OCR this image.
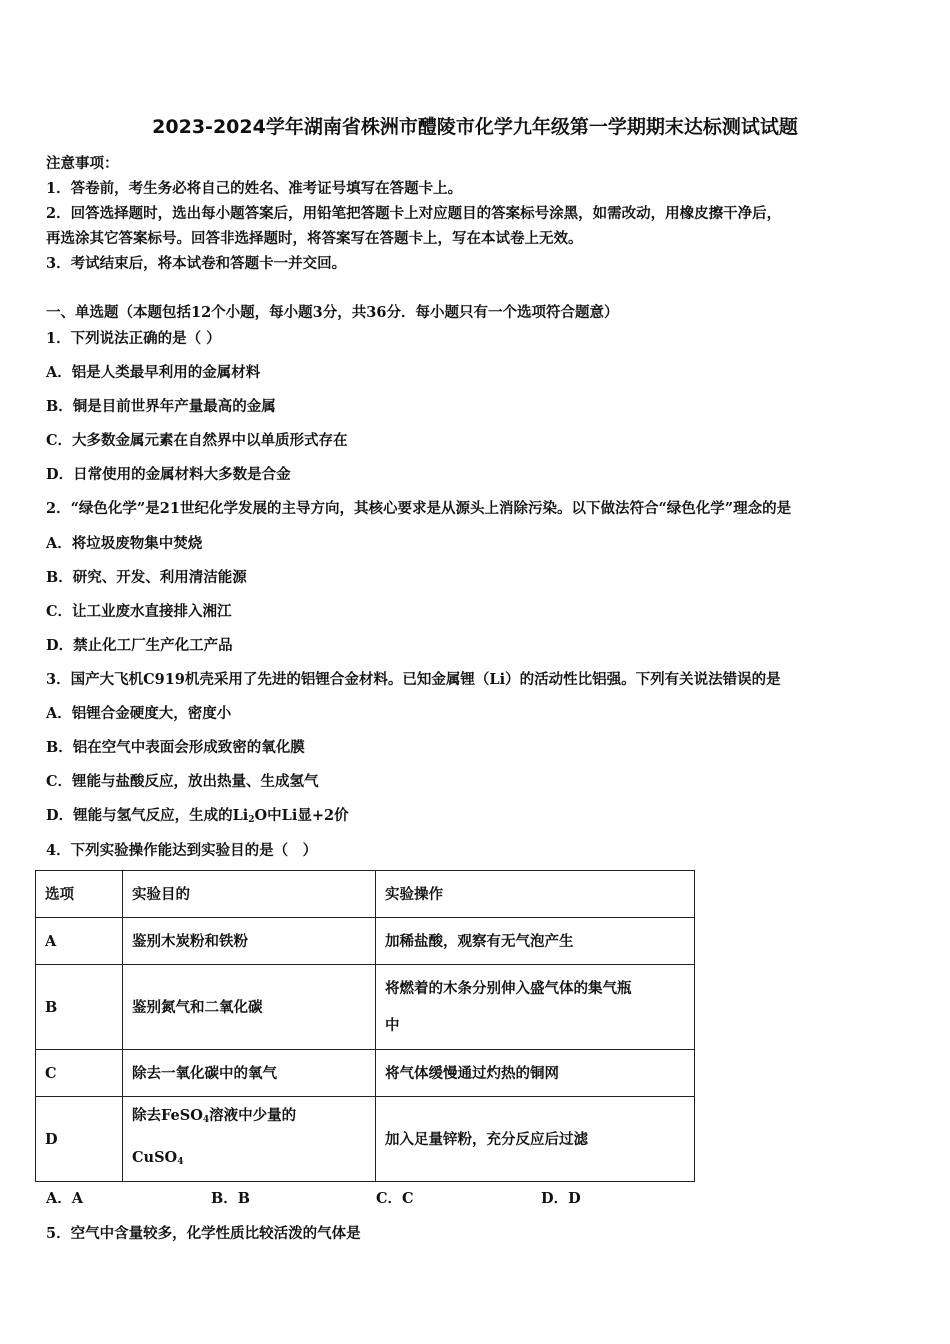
2023-2024学年湖南省株洲市醴陵市化学九年级第一学期期末达标测试试题
注意事项：
1．答卷前，考生务必将自己的姓名、准考证号填写在答题卡上。
2．回答选择题时，选出每小题答案后，用铅笔把答题卡上对应题目的答案标号涂黑，如需改动，用橡皮擦干净后，
再选涂其它答案标号。回答非选择题时，将答案写在答题卡上，写在本试卷上无效。
3．考试结束后，将本试卷和答题卡一并交回。
一、单选题（本题包括12个小题，每小题3分，共36分．每小题只有一个选项符合题意）
1．下列说法正确的是（ ）
A．铝是人类最早利用的金属材料
B．铜是目前世界年产量最高的金属
C．大多数金属元素在自然界中以单质形式存在
D．日常使用的金属材料大多数是合金
2．“绿色化学”是21世纪化学发展的主导方向，其核心要求是从源头上消除污染。以下做法符合“绿色化学”理念的是
A．将垃圾废物集中焚烧
B．研究、开发、利用清洁能源
C．让工业废水直接排入湘江
D．禁止化工厂生产化工产品
3．国产大飞机C919机壳采用了先进的铝锂合金材料。已知金属锂（Li）的活动性比铝强。下列有关说法错误的是
A．铝锂合金硬度大，密度小
B．铝在空气中表面会形成致密的氧化膜
C．锂能与盐酸反应，放出热量、生成氢气
D．锂能与氢气反应，生成的$Li_2O$中Li显+2价
4．下列实验操作能达到实验目的是（　）
选项	实验目的	实验操作
A	鉴别木炭粉和铁粉	加稀盐酸，观察有无气泡产生
B	鉴别氮气和二氧化碳	将燃着的木条分别伸入盛气体的集气瓶
中

C	除去一氧化碳中的氧气	将气体缓慢通过灼热的铜网
D	除去FeSO$_4$溶液中少量的
CuSO$_4$	加入足量锌粉，充分反应后过滤
A．A	B．B	C．C	D．D
5．空气中含量较多，化学性质比较活泼的气体是
